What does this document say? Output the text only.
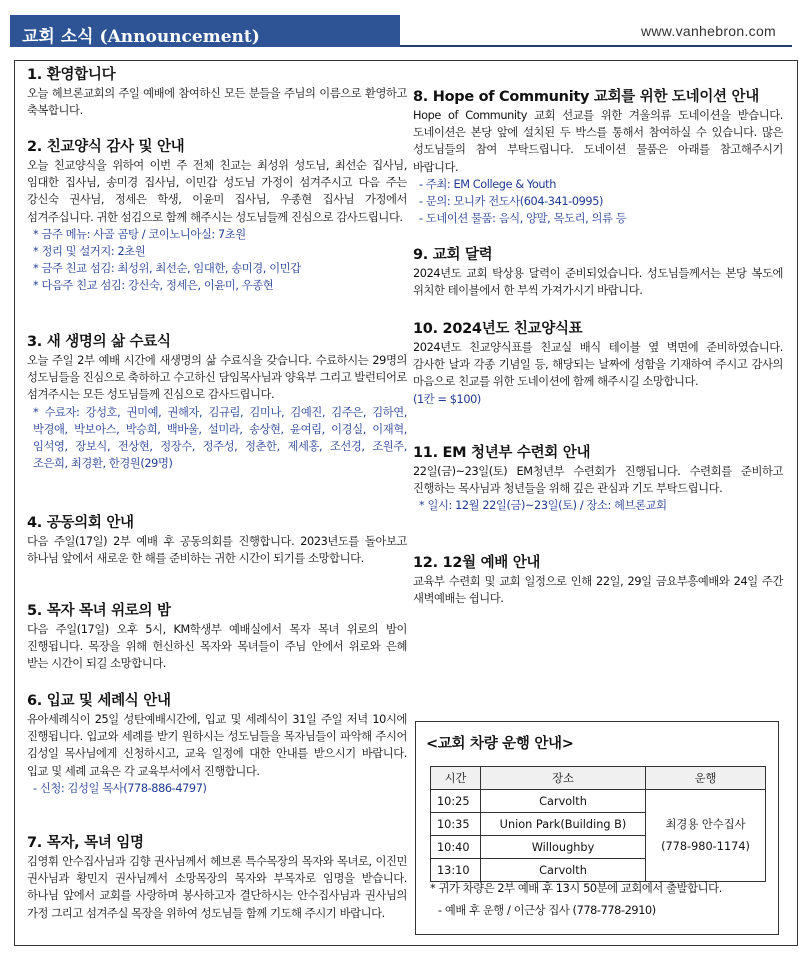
교회 소식 (Announcement)	www.vanhebron.com
1. 환영합니다
오늘 헤브론교회의 주일 예배에 참여하신 모든 분들을 주님의 이름으로 환영하고 축복합니다.
2. 친교양식 감사 및 안내
오늘 친교양식을 위하여 이번 주 전체 친교는 최성위 성도님, 최선순 집사님, 임대한 집사님, 송미경 집사님, 이민갑 성도님 가정이 섬겨주시고 다음 주는 강신숙 권사님, 정세은 학생, 이윤미 집사님, 우종현 집사님 가정에서 섬겨주십니다. 귀한 섬김으로 함께 해주시는 성도님들께 진심으로 감사드립니다.
* 금주 메뉴: 사골 곰탕 / 코이노니아실: 7초원
* 정리 및 설거지: 2초원
* 금주 친교 섬김: 최성위, 최선순, 임대한, 송미경, 이민갑
* 다음주 친교 섬김: 강신숙, 정세은, 이윤미, 우종현
3. 새 생명의 삶 수료식
오늘 주일 2부 예배 시간에 새생명의 삶 수료식을 갖습니다. 수료하시는 29명의 성도님들을 진심으로 축하하고 수고하신 담임목사님과 양육부 그리고 발런티어로 섬겨주시는 모든 성도님들께 진심으로 감사드립니다.
* 수료자: 강성호, 권미예, 권해자, 김규림, 김미나, 김예진, 김주은, 김하연, 박경애, 박보아스, 박승희, 백바울, 설미라, 송상현, 윤여림, 이경실, 이재혁, 임석영, 장보식, 전상현, 정장수, 정주성, 정춘한, 제세홍, 조선경, 조원주, 조은희, 최경환, 한경원(29명)
4. 공동의회 안내
다음 주일(17일) 2부 예배 후 공동의회를 진행합니다. 2023년도를 돌아보고 하나님 앞에서 새로운 한 해를 준비하는 귀한 시간이 되기를 소망합니다.
5. 목자 목녀 위로의 밤
다음 주일(17일) 오후 5시, KM학생부 예배실에서 목자 목녀 위로의 밤이 진행됩니다. 목장을 위해 헌신하신 목자와 목녀들이 주님 안에서 위로와 은혜 받는 시간이 되길 소망합니다.
6. 입교 및 세례식 안내
유아세례식이 25일 성탄예배시간에, 입교 및 세례식이 31일 주일 저녁 10시에 진행됩니다. 입교와 세례를 받기 원하시는 성도님들을 목자님들이 파악해 주시어 김성일 목사님에게 신청하시고, 교육 일정에 대한 안내를 받으시기 바랍니다. 입교 및 세례 교육은 각 교육부서에서 진행합니다.
- 신청: 김성일 목사(778-886-4797)
7. 목자, 목녀 임명
김영휘 안수집사님과 김향 권사님께서 헤브론 특수목장의 목자와 목녀로, 이진민 권사님과 황민지 권사님께서 소망목장의 목자와 부목자로 임명을 받습니다. 하나님 앞에서 교회를 사랑하며 봉사하고자 결단하시는 안수집사님과 권사님의 가정 그리고 섬겨주실 목장을 위하여 성도님들 함께 기도해 주시기 바랍니다.
8. Hope of Community 교회를 위한 도네이션 안내
Hope of Community 교회 선교를 위한 겨울의류 도네이션을 받습니다. 도네이션은 본당 앞에 설치된 두 박스를 통해서 참여하실 수 있습니다. 많은 성도님들의 참여 부탁드립니다. 도네이션 물품은 아래를 참고해주시기 바랍니다.
- 주최: EM College & Youth
- 문의: 모니카 전도사(604-341-0995)
- 도네이션 물품: 음식, 양말, 목도리, 의류 등
9. 교회 달력
2024년도 교회 탁상용 달력이 준비되었습니다. 성도님들께서는 본당 복도에 위치한 테이블에서 한 부씩 가져가시기 바랍니다.
10. 2024년도 친교양식표
2024년도 친교양식표를 친교실 배식 테이블 옆 벽면에 준비하였습니다. 감사한 날과 각종 기념일 등, 해당되는 날짜에 성함을 기재하여 주시고 감사의 마음으로 친교를 위한 도네이션에 함께 해주시길 소망합니다.
(1칸 = $100)
11. EM 청년부 수련회 안내
22일(금)~23일(토) EM청년부 수련회가 진행됩니다. 수련회를 준비하고 진행하는 목사님과 청년들을 위해 깊은 관심과 기도 부탁드립니다.
* 일시: 12월 22일(금)~23일(토) / 장소: 헤브론교회
12. 12월 예배 안내
교육부 수련회 및 교회 일정으로 인해 22일, 29일 금요부흥예배와 24일 주간 새벽예배는 쉽니다.
<교회 차량 운행 안내>
시간	장소	운행
10:25	Carvolth	최경용 안수집사
(778-980-1174)

10:35	Union Park(Building B)	
10:40	Willoughby	
13:10	Carvolth	
* 귀가 차량은 2부 예배 후 13시 50분에 교회에서 출발합니다.
- 예배 후 운행 / 이근상 집사 (778-778-2910)
